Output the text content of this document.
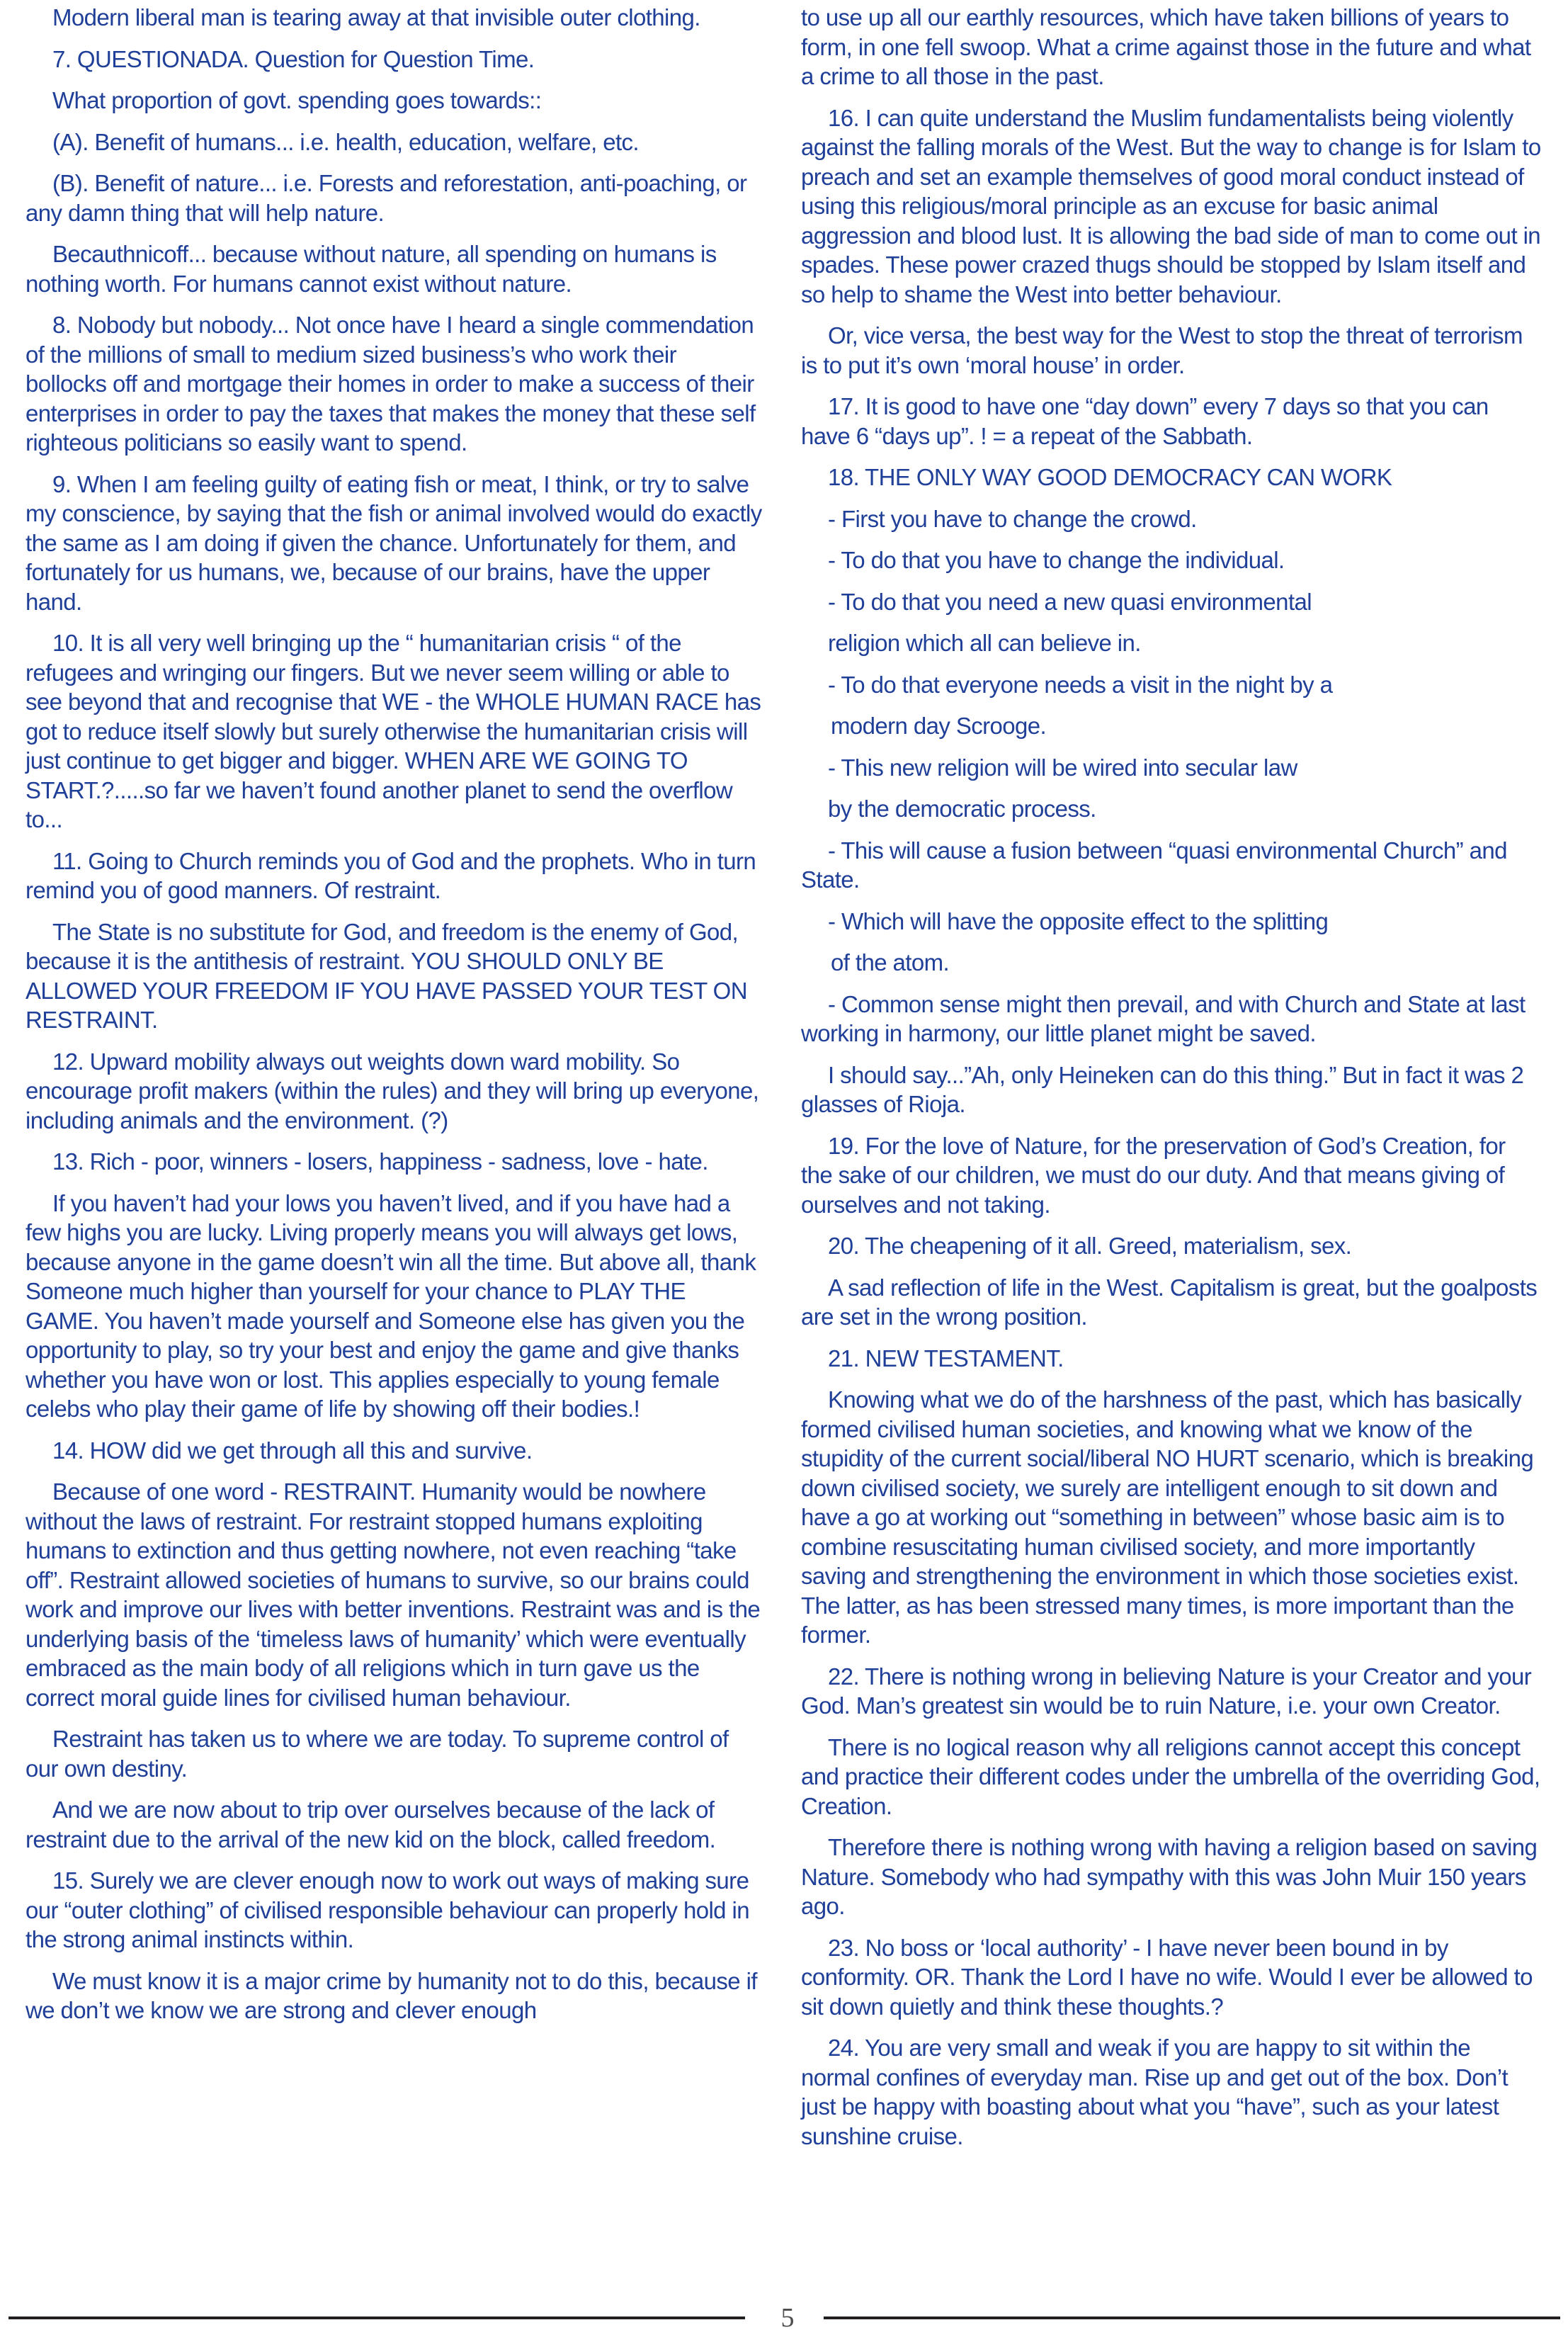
Modern liberal man is tearing away at that invisible outer clothing.

7. QUESTIONADA. Question for Question Time.

What proportion of govt. spending goes towards::

(A). Benefit of humans... i.e. health, education, welfare, etc.

(B). Benefit of nature... i.e. Forests and reforestation, anti-poaching, or any damn thing that will help nature.

Becauthnicoff... because without nature, all spending on humans is nothing worth. For humans cannot exist without nature.

8. Nobody but nobody... Not once have I heard a single commendation of the millions of small to medium sized business’s who work their bollocks off and mortgage their homes in order to make a success of their enterprises in order to pay the taxes that makes the money that these self righteous politicians so easily want to spend.

9. When I am feeling guilty of eating fish or meat, I think, or try to salve my conscience, by saying that the fish or animal involved would do exactly the same as I am doing if given the chance. Unfortunately for them, and fortunately for us humans, we, because of our brains, have the upper hand.

10. It is all very well bringing up the “ humanitarian crisis “ of the refugees and wringing our fingers. But we never seem willing or able to see beyond that and recognise that WE - the WHOLE HUMAN RACE has got to reduce itself slowly but surely otherwise the humanitarian crisis will just continue to get bigger and bigger. WHEN ARE WE GOING TO START.?.....so far we haven’t found another planet to send the overflow to...

11. Going to Church reminds you of God and the prophets. Who in turn remind you of good manners. Of restraint.

The State is no substitute for God, and freedom is the enemy of God, because it is the antithesis of restraint. YOU SHOULD ONLY BE ALLOWED YOUR FREEDOM IF YOU HAVE PASSED YOUR TEST ON RESTRAINT.

12. Upward mobility always out weights down ward mobility. So encourage profit makers (within the rules) and they will bring up everyone, including animals and the environment. (?)

13. Rich - poor, winners - losers, happiness - sadness, love - hate.

If you haven’t had your lows you haven’t lived, and if you have had a few highs you are lucky. Living properly means you will always get lows, because anyone in the game doesn’t win all the time. But above all, thank Someone much higher than yourself for your chance to PLAY THE GAME. You haven’t made yourself and Someone else has given you the opportunity to play, so try your best and enjoy the game and give thanks whether you have won or lost. This applies especially to young female celebs who play their game of life by showing off their bodies.!

14. HOW did we get through all this and survive.

Because of one word - RESTRAINT. Humanity would be nowhere without the laws of restraint. For restraint stopped humans exploiting humans to extinction and thus getting nowhere, not even reaching “take off”. Restraint allowed societies of humans to survive, so our brains could work and improve our lives with better inventions. Restraint was and is the underlying basis of the ‘timeless laws of humanity’ which were eventually embraced as the main body of all religions which in turn gave us the correct moral guide lines for civilised human behaviour.

Restraint has taken us to where we are today. To supreme control of our own destiny.

And we are now about to trip over ourselves because of the lack of restraint due to the arrival of the new kid on the block, called freedom.

15. Surely we are clever enough now to work out ways of making sure our “outer clothing” of civilised responsible behaviour can properly hold in the strong animal instincts within.

We must know it is a major crime by humanity not to do this, because if we don’t we know we are strong and clever enough

to use up all our earthly resources, which have taken billions of years to form, in one fell swoop. What a crime against those in the future and what a crime to all those in the past.

16. I can quite understand the Muslim fundamentalists being violently against the falling morals of the West. But the way to change is for Islam to preach and set an example themselves of good moral conduct instead of using this religious/moral principle as an excuse for basic animal aggression and blood lust. It is allowing the bad side of man to come out in spades. These power crazed thugs should be stopped by Islam itself and so help to shame the West into better behaviour.

Or, vice versa, the best way for the West to stop the threat of terrorism is to put it’s own ‘moral house’ in order.

17. It is good to have one “day down” every 7 days so that you can have 6 “days up”. ! = a repeat of the Sabbath.

18. THE ONLY WAY GOOD DEMOCRACY CAN WORK

- First you have to change the crowd.

- To do that you have to change the individual.

- To do that you need a new quasi environmental

religion which all can believe in.

- To do that everyone needs a visit in the night by a

modern day Scrooge.

- This new religion will be wired into secular law

by the democratic process.

- This will cause a fusion between “quasi environmental Church” and State.

- Which will have the opposite effect to the splitting

of the atom.

- Common sense might then prevail, and with Church and State at last working in harmony, our little planet might be saved.

I should say...”Ah, only Heineken can do this thing.” But in fact it was 2 glasses of Rioja.

19. For the love of Nature, for the preservation of God’s Creation, for the sake of our children, we must do our duty. And that means giving of ourselves and not taking.

20. The cheapening of it all. Greed, materialism, sex.

A sad reflection of life in the West. Capitalism is great, but the goalposts are set in the wrong position.

21. NEW TESTAMENT.

Knowing what we do of the harshness of the past, which has basically formed civilised human societies, and knowing what we know of the stupidity of the current social/liberal NO HURT scenario, which is breaking down civilised society, we surely are intelligent enough to sit down and have a go at working out “something in between” whose basic aim is to combine resuscitating human civilised society, and more importantly saving and strengthening the environment in which those societies exist. The latter, as has been stressed many times, is more important than the former.

22. There is nothing wrong in believing Nature is your Creator and your God. Man’s greatest sin would be to ruin Nature, i.e. your own Creator.

There is no logical reason why all religions cannot accept this concept and practice their different codes under the umbrella of the overriding God, Creation.

Therefore there is nothing wrong with having a religion based on saving Nature. Somebody who had sympathy with this was John Muir 150 years ago.

23. No boss or ‘local authority’ - I have never been bound in by conformity. OR. Thank the Lord I have no wife. Would I ever be allowed to sit down quietly and think these thoughts.?

24. You are very small and weak if you are happy to sit within the normal confines of everyday man. Rise up and get out of the box. Don’t just be happy with boasting about what you “have”, such as your latest sunshine cruise.

5
